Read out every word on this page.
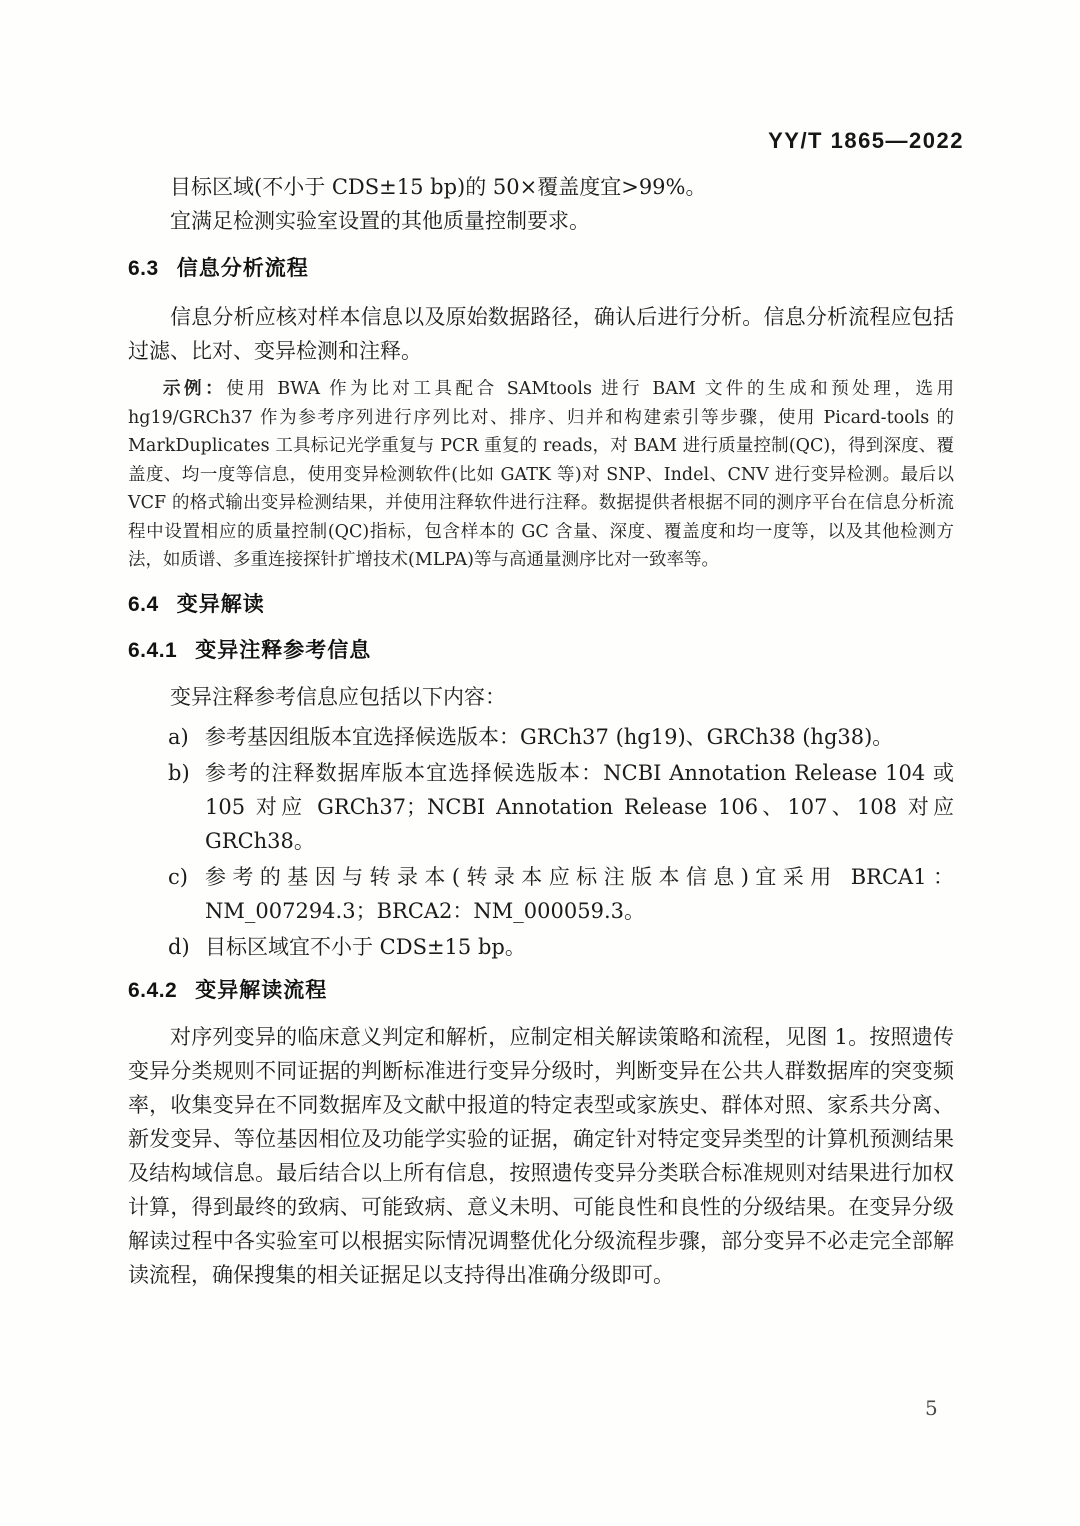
YY/T 1865—2022

目标区域(不小于 CDS±15 bp)的 50×覆盖度宜>99%。

宜满足检测实验室设置的其他质量控制要求。

6.3 信息分析流程

信息分析应核对样本信息以及原始数据路径，确认后进行分析。信息分析流程应包括过滤、比对、变异检测和注释。

示例：使用 BWA 作为比对工具配合 SAMtools 进行 BAM 文件的生成和预处理，选用 hg19/GRCh37 作为参考序列进行序列比对、排序、归并和构建索引等步骤，使用 Picard-tools 的 MarkDuplicates 工具标记光学重复与 PCR 重复的 reads，对 BAM 进行质量控制(QC)，得到深度、覆盖度、均一度等信息，使用变异检测软件(比如 GATK 等)对 SNP、Indel、CNV 进行变异检测。最后以 VCF 的格式输出变异检测结果，并使用注释软件进行注释。数据提供者根据不同的测序平台在信息分析流程中设置相应的质量控制(QC)指标，包含样本的 GC 含量、深度、覆盖度和均一度等，以及其他检测方法，如质谱、多重连接探针扩增技术(MLPA)等与高通量测序比对一致率等。

6.4 变异解读
6.4.1 变异注释参考信息

变异注释参考信息应包括以下内容：

a) 参考基因组版本宜选择候选版本：GRCh37 (hg19)、GRCh38 (hg38)。
b) 参考的注释数据库版本宜选择候选版本：NCBI Annotation Release 104 或 105 对应 GRCh37；NCBI Annotation Release 106、107、108 对应 GRCh38。
c) 参考的基因与转录本(转录本应标注版本信息)宜采用 BRCA1：NM_007294.3；BRCA2：NM_000059.3。
d) 目标区域宜不小于 CDS±15 bp。
6.4.2 变异解读流程

对序列变异的临床意义判定和解析，应制定相关解读策略和流程，见图 1。按照遗传变异分类规则不同证据的判断标准进行变异分级时，判断变异在公共人群数据库的突变频率，收集变异在不同数据库及文献中报道的特定表型或家族史、群体对照、家系共分离、新发变异、等位基因相位及功能学实验的证据，确定针对特定变异类型的计算机预测结果及结构域信息。最后结合以上所有信息，按照遗传变异分类联合标准规则对结果进行加权计算，得到最终的致病、可能致病、意义未明、可能良性和良性的分级结果。在变异分级解读过程中各实验室可以根据实际情况调整优化分级流程步骤，部分变异不必走完全部解读流程，确保搜集的相关证据足以支持得出准确分级即可。

5
